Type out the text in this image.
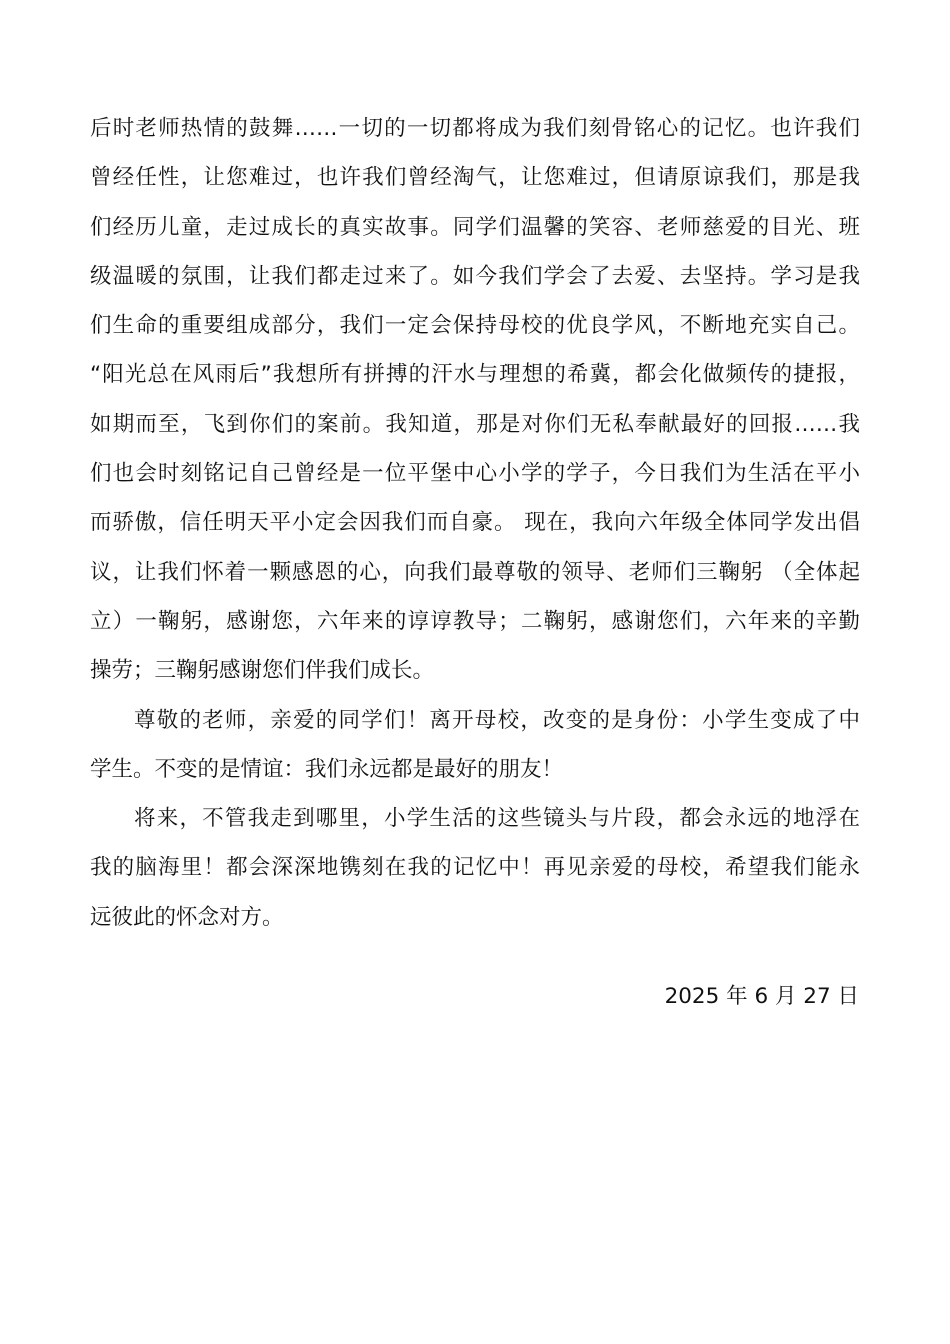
后时老师热情的鼓舞……一切的一切都将成为我们刻骨铭心的记忆。也许我们
曾经任性，让您难过，也许我们曾经淘气，让您难过，但请原谅我们，那是我
们经历儿童，走过成长的真实故事。同学们温馨的笑容、老师慈爱的目光、班
级温暖的氛围，让我们都走过来了。如今我们学会了去爱、去坚持。学习是我
们生命的重要组成部分，我们一定会保持母校的优良学风，不断地充实自己。
“阳光总在风雨后”我想所有拼搏的汗水与理想的希冀，都会化做频传的捷报，
如期而至，飞到你们的案前。我知道，那是对你们无私奉献最好的回报……我
们也会时刻铭记自己曾经是一位平堡中心小学的学子，今日我们为生活在平小
而骄傲，信任明天平小定会因我们而自豪。 现在，我向六年级全体同学发出倡
议，让我们怀着一颗感恩的心，向我们最尊敬的领导、老师们三鞠躬 （全体起
立）一鞠躬，感谢您，六年来的谆谆教导；二鞠躬，感谢您们，六年来的辛勤
操劳；三鞠躬感谢您们伴我们成长。
尊敬的老师，亲爱的同学们！离开母校，改变的是身份：小学生变成了中
学生。不变的是情谊：我们永远都是最好的朋友！
将来，不管我走到哪里，小学生活的这些镜头与片段，都会永远的地浮在
我的脑海里！都会深深地镌刻在我的记忆中！再见亲爱的母校，希望我们能永
远彼此的怀念对方。
2025 年 6 月 27 日
